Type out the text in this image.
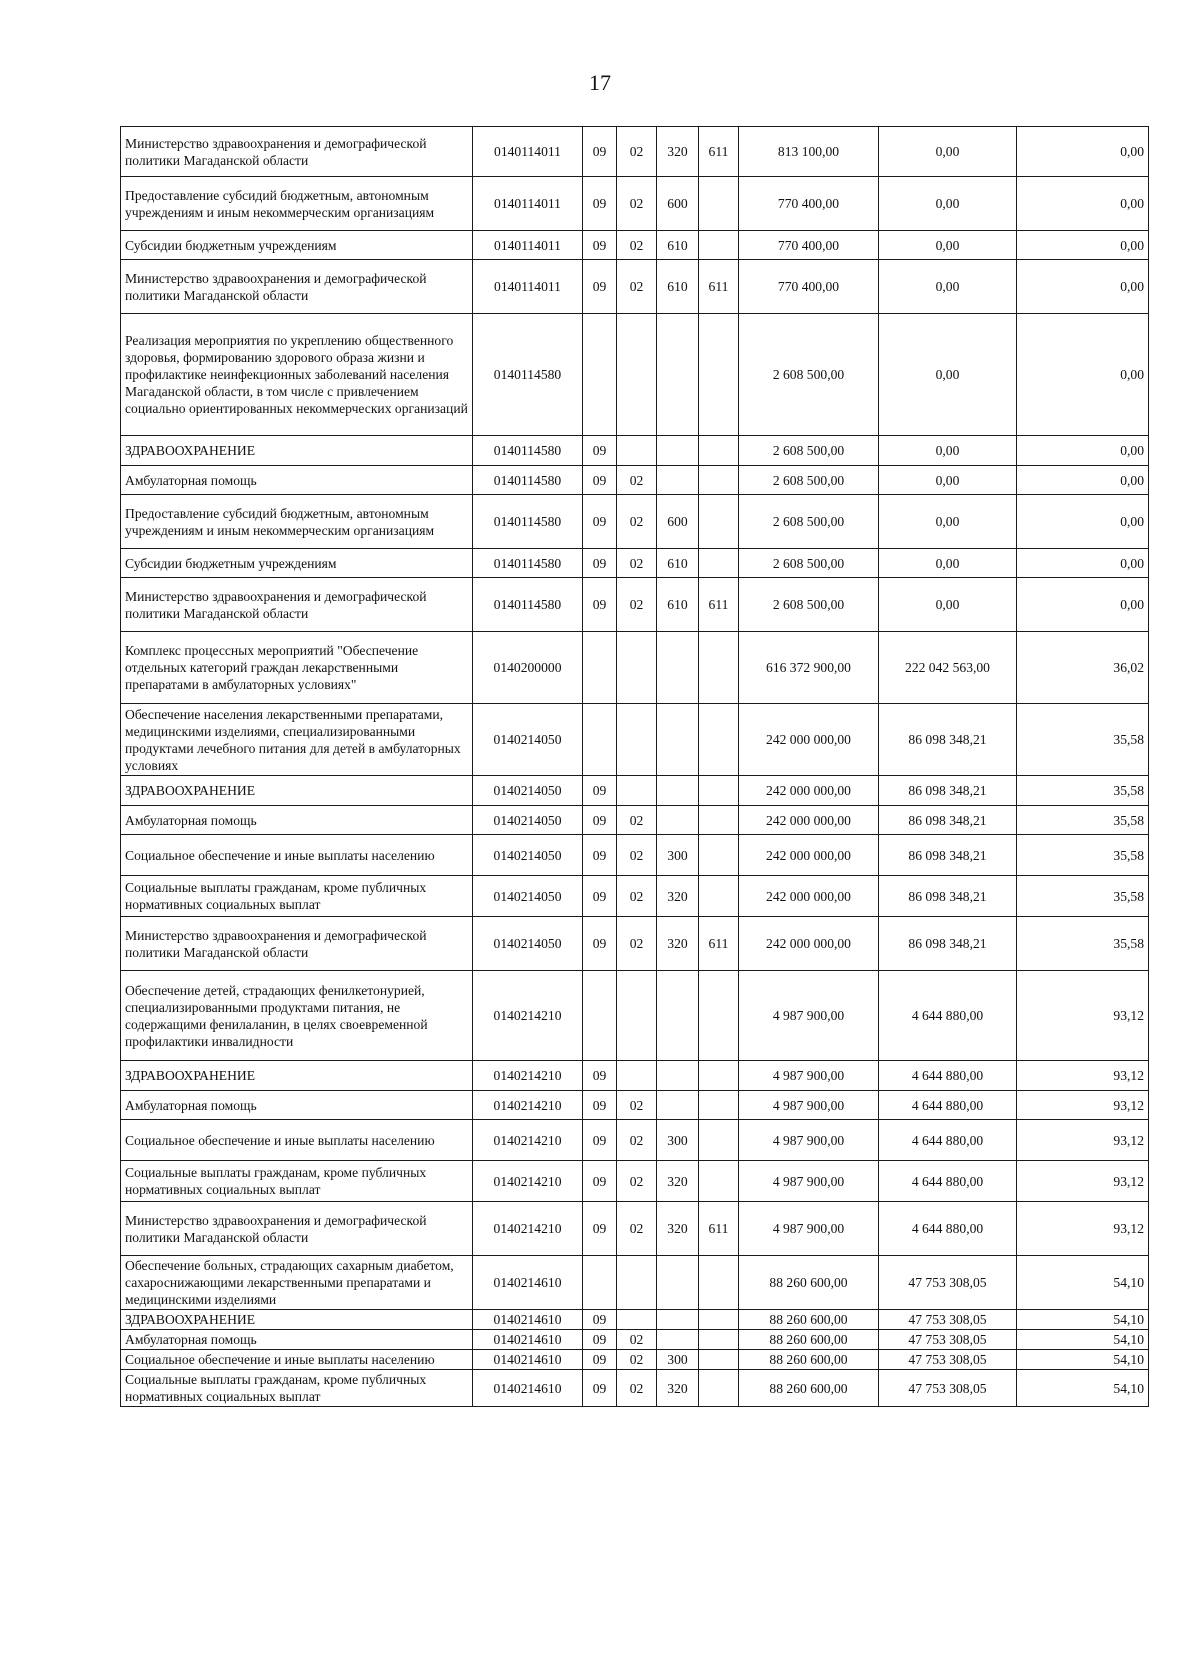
17
Министерство здравоохранения и демографической политики Магаданской области	0140114011	09	02	320	611	813 100,00	0,00	0,00
Предоставление субсидий бюджетным, автономным учреждениям и иным некоммерческим организациям	0140114011	09	02	600		770 400,00	0,00	0,00
Субсидии бюджетным учреждениям	0140114011	09	02	610		770 400,00	0,00	0,00
Министерство здравоохранения и демографической политики Магаданской области	0140114011	09	02	610	611	770 400,00	0,00	0,00
Реализация мероприятия по укреплению общественного здоровья, формированию здорового образа жизни и профилактике неинфекционных заболеваний населения Магаданской области, в том числе с привлечением социально ориентированных некоммерческих организаций	0140114580					2 608 500,00	0,00	0,00
ЗДРАВООХРАНЕНИЕ	0140114580	09				2 608 500,00	0,00	0,00
Амбулаторная помощь	0140114580	09	02			2 608 500,00	0,00	0,00
Предоставление субсидий бюджетным, автономным учреждениям и иным некоммерческим организациям	0140114580	09	02	600		2 608 500,00	0,00	0,00
Субсидии бюджетным учреждениям	0140114580	09	02	610		2 608 500,00	0,00	0,00
Министерство здравоохранения и демографической политики Магаданской области	0140114580	09	02	610	611	2 608 500,00	0,00	0,00
Комплекс процессных мероприятий "Обеспечение отдельных категорий граждан лекарственными препаратами в амбулаторных условиях"	0140200000					616 372 900,00	222 042 563,00	36,02
Обеспечение населения лекарственными препаратами, медицинскими изделиями, специализированными продуктами лечебного питания для детей в амбулаторных условиях	0140214050					242 000 000,00	86 098 348,21	35,58
ЗДРАВООХРАНЕНИЕ	0140214050	09				242 000 000,00	86 098 348,21	35,58
Амбулаторная помощь	0140214050	09	02			242 000 000,00	86 098 348,21	35,58
Социальное обеспечение и иные выплаты населению	0140214050	09	02	300		242 000 000,00	86 098 348,21	35,58
Социальные выплаты гражданам, кроме публичных нормативных социальных выплат	0140214050	09	02	320		242 000 000,00	86 098 348,21	35,58
Министерство здравоохранения и демографической политики Магаданской области	0140214050	09	02	320	611	242 000 000,00	86 098 348,21	35,58
Обеспечение детей, страдающих фенилкетонурией, специализированными продуктами питания, не содержащими фенилаланин, в целях своевременной профилактики инвалидности	0140214210					4 987 900,00	4 644 880,00	93,12
ЗДРАВООХРАНЕНИЕ	0140214210	09				4 987 900,00	4 644 880,00	93,12
Амбулаторная помощь	0140214210	09	02			4 987 900,00	4 644 880,00	93,12
Социальное обеспечение и иные выплаты населению	0140214210	09	02	300		4 987 900,00	4 644 880,00	93,12
Социальные выплаты гражданам, кроме публичных нормативных социальных выплат	0140214210	09	02	320		4 987 900,00	4 644 880,00	93,12
Министерство здравоохранения и демографической политики Магаданской области	0140214210	09	02	320	611	4 987 900,00	4 644 880,00	93,12
Обеспечение больных, страдающих сахарным диабетом, сахароснижающими лекарственными препаратами и медицинскими изделиями	0140214610					88 260 600,00	47 753 308,05	54,10
ЗДРАВООХРАНЕНИЕ	0140214610	09				88 260 600,00	47 753 308,05	54,10
Амбулаторная помощь	0140214610	09	02			88 260 600,00	47 753 308,05	54,10
Социальное обеспечение и иные выплаты населению	0140214610	09	02	300		88 260 600,00	47 753 308,05	54,10
Социальные выплаты гражданам, кроме публичных нормативных социальных выплат	0140214610	09	02	320		88 260 600,00	47 753 308,05	54,10
